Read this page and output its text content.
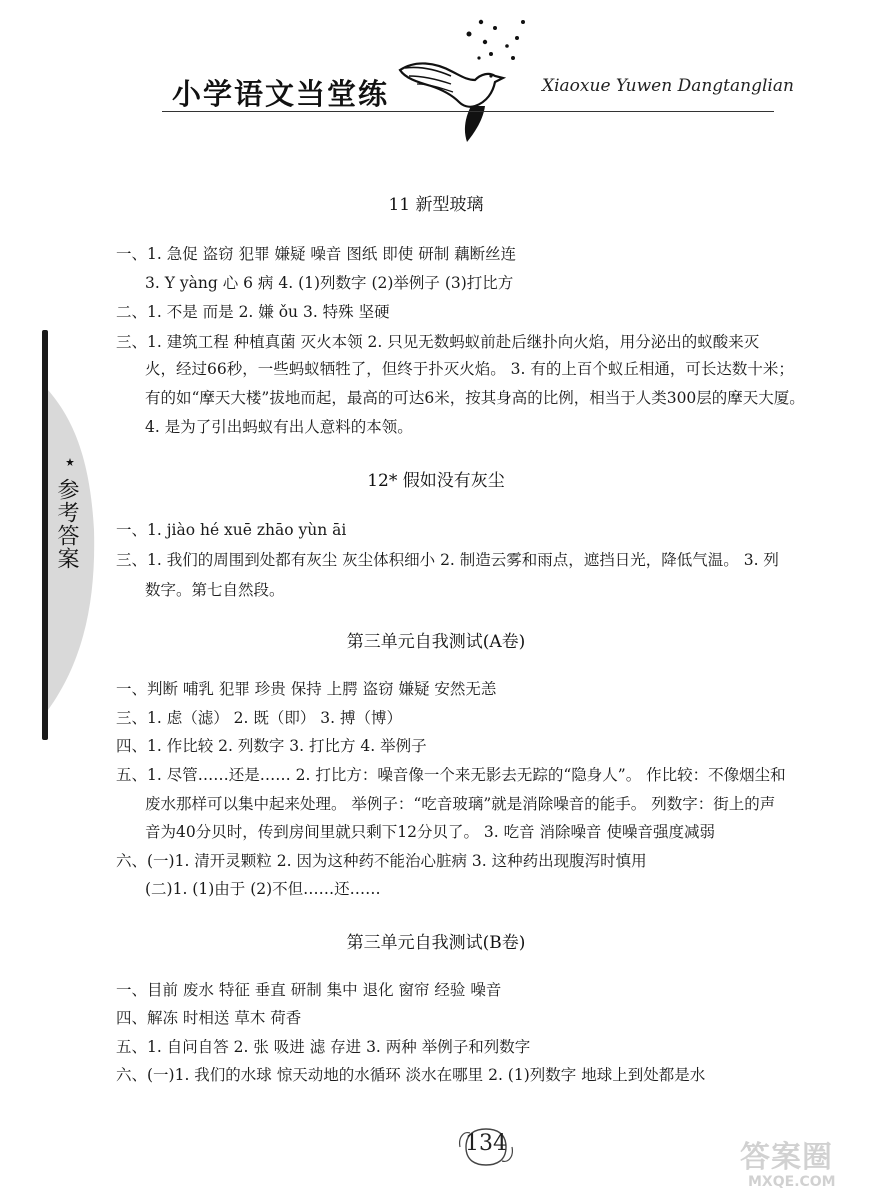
小学语文当堂练	Xiaoxue Yuwen Dangtanglian
参考答案
11 新型玻璃
一、1. 急促 盗窃 犯罪 嫌疑 噪音 图纸 即使 研制 藕断丝连
3. Y yàng 心 6 病 4. (1)列数字 (2)举例子 (3)打比方
二、1. 不是 而是 2. 嫌 ǒu 3. 特殊 坚硬
三、1. 建筑工程 种植真菌 灭火本领 2. 只见无数蚂蚁前赴后继扑向火焰，用分泌出的蚁酸来灭
火，经过66秒，一些蚂蚁牺牲了，但终于扑灭火焰。 3. 有的上百个蚁丘相通，可长达数十米；
有的如“摩天大楼”拔地而起，最高的可达6米，按其身高的比例，相当于人类300层的摩天大厦。
4. 是为了引出蚂蚁有出人意料的本领。
12* 假如没有灰尘
一、1. jiào hé xuē zhāo yùn āi
三、1. 我们的周围到处都有灰尘 灰尘体积细小 2. 制造云雾和雨点，遮挡日光，降低气温。 3. 列
数字。第七自然段。
第三单元自我测试(A卷)
一、判断 哺乳 犯罪 珍贵 保持 上腭 盗窃 嫌疑 安然无恙
三、1. 虑（滤） 2. 既（即） 3. 搏（博）
四、1. 作比较 2. 列数字 3. 打比方 4. 举例子
五、1. 尽管……还是…… 2. 打比方：噪音像一个来无影去无踪的“隐身人”。 作比较：不像烟尘和
废水那样可以集中起来处理。 举例子：“吃音玻璃”就是消除噪音的能手。 列数字：街上的声
音为40分贝时，传到房间里就只剩下12分贝了。 3. 吃音 消除噪音 使噪音强度减弱
六、(一)1. 清开灵颗粒 2. 因为这种药不能治心脏病 3. 这种药出现腹泻时慎用
(二)1. (1)由于 (2)不但……还……
第三单元自我测试(B卷)
一、目前 废水 特征 垂直 研制 集中 退化 窗帘 经验 噪音
四、解冻 时相送 草木 荷香
五、1. 自问自答 2. 张 吸进 滤 存进 3. 两种 举例子和列数字
六、(一)1. 我们的水球 惊天动地的水循环 淡水在哪里 2. (1)列数字 地球上到处都是水
134	答案圈
MXQE.COM
